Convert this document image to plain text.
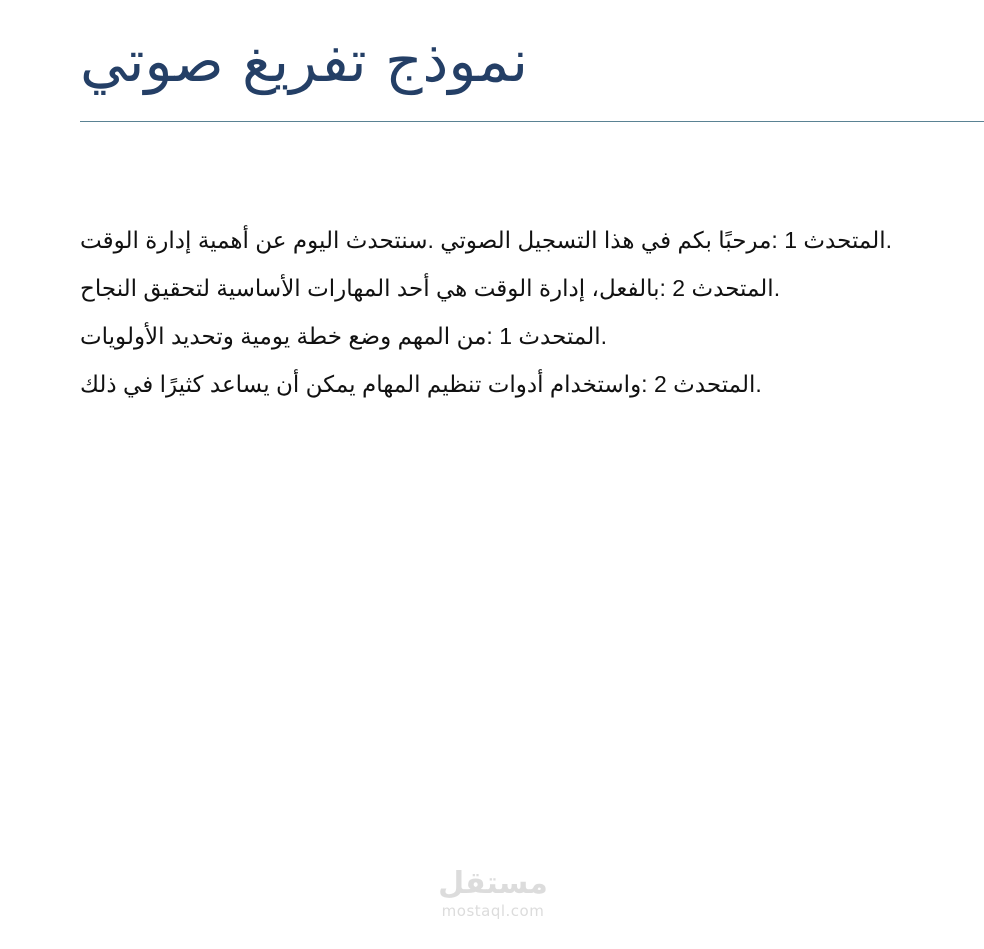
نموذج تفريغ صوتي
.المتحدث 1 :مرحبًا بكم في هذا التسجيل الصوتي .سنتحدث اليوم عن أهمية إدارة الوقت
.المتحدث 2 :بالفعل، إدارة الوقت هي أحد المهارات الأساسية لتحقيق النجاح
.المتحدث 1 :من المهم وضع خطة يومية وتحديد الأولويات
.المتحدث 2 :واستخدام أدوات تنظيم المهام يمكن أن يساعد كثيرًا في ذلك
مستقل
mostaql.com
